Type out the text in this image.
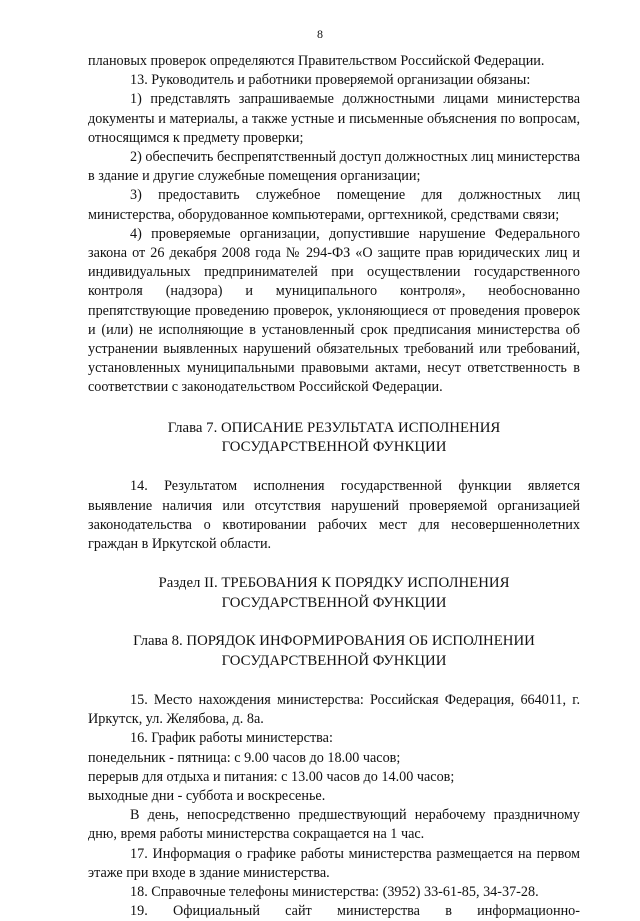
8

плановых проверок определяются Правительством Российской Федерации.

13. Руководитель и работники проверяемой организации обязаны:

1) представлять запрашиваемые должностными лицами министерства документы и материалы, а также устные и письменные объяснения по вопросам, относящимся к предмету проверки;

2) обеспечить беспрепятственный доступ должностных лиц министерства в здание и другие служебные помещения организации;

3) предоставить служебное помещение для должностных лиц министерства, оборудованное компьютерами, оргтехникой, средствами связи;

4) проверяемые организации, допустившие нарушение Федерального закона от 26 декабря 2008 года № 294-ФЗ «О защите прав юридических лиц и индивидуальных предпринимателей при осуществлении государственного контроля (надзора) и муниципального контроля», необоснованно препятствующие проведению проверок, уклоняющиеся от проведения проверок и (или) не исполняющие в установленный срок предписания министерства об устранении выявленных нарушений обязательных требований или требований, установленных муниципальными правовыми актами, несут ответственность в соответствии с законодательством Российской Федерации.

Глава 7. ОПИСАНИЕ РЕЗУЛЬТАТА ИСПОЛНЕНИЯ
ГОСУДАРСТВЕННОЙ ФУНКЦИИ

14. Результатом исполнения государственной функции является выявление наличия или отсутствия нарушений проверяемой организацией законодательства о квотировании рабочих мест для несовершеннолетних граждан в Иркутской области.

Раздел II. ТРЕБОВАНИЯ К ПОРЯДКУ ИСПОЛНЕНИЯ
ГОСУДАРСТВЕННОЙ ФУНКЦИИ
Глава 8. ПОРЯДОК ИНФОРМИРОВАНИЯ ОБ ИСПОЛНЕНИИ
ГОСУДАРСТВЕННОЙ ФУНКЦИИ

15. Место нахождения министерства: Российская Федерация, 664011, г. Иркутск, ул. Желябова, д. 8а.

16. График работы министерства:

понедельник - пятница: с 9.00 часов до 18.00 часов;

перерыв для отдыха и питания: с 13.00 часов до 14.00 часов;

выходные дни - суббота и воскресенье.

В день, непосредственно предшествующий нерабочему праздничному дню, время работы министерства сокращается на 1 час.

17. Информация о графике работы министерства размещается на первом этаже при входе в здание министерства.

18. Справочные телефоны министерства: (3952) 33-61-85, 34-37-28.

19. Официальный сайт министерства в информационно-
